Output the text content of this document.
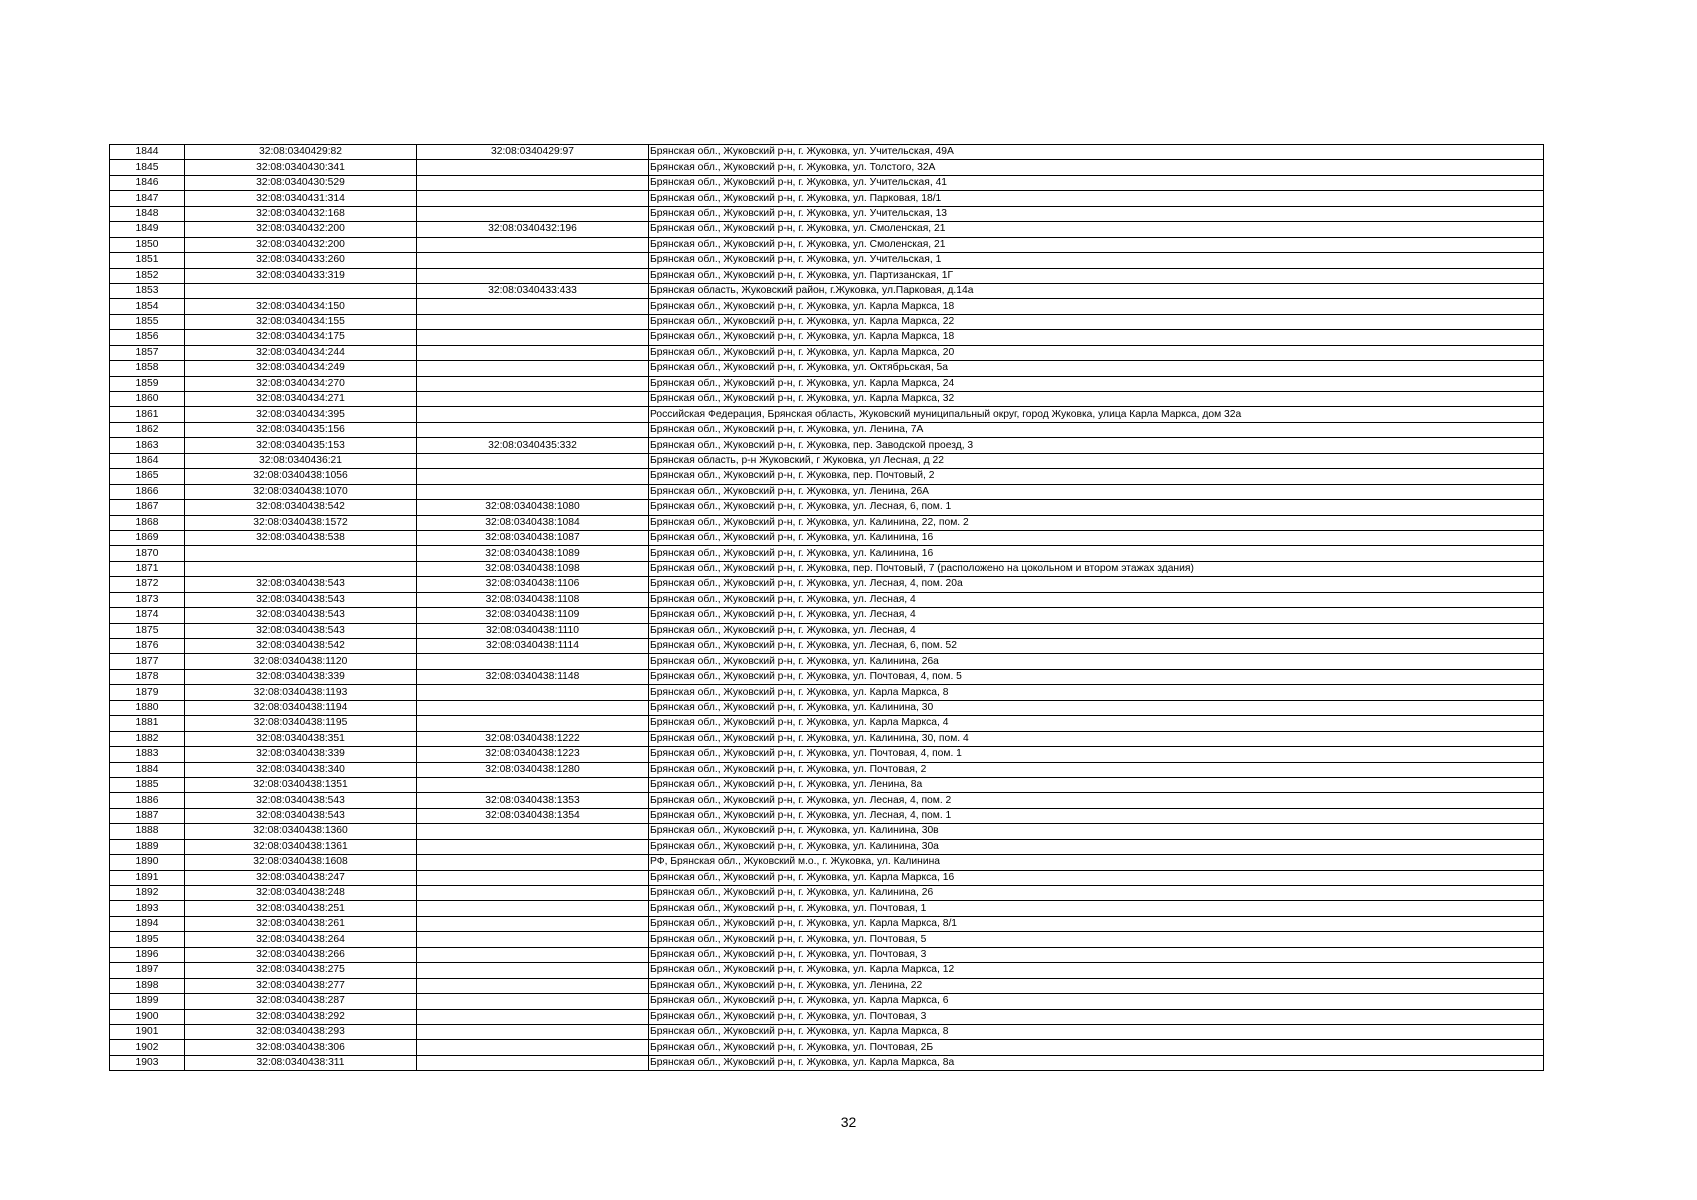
1844	32:08:0340429:82	32:08:0340429:97	Брянская обл., Жуковский р-н, г. Жуковка, ул. Учительская, 49А
1845	32:08:0340430:341		Брянская обл., Жуковский р-н, г. Жуковка, ул. Толстого, 32А
1846	32:08:0340430:529		Брянская обл., Жуковский р-н, г. Жуковка, ул. Учительская, 41
1847	32:08:0340431:314		Брянская обл., Жуковский р-н, г. Жуковка, ул. Парковая, 18/1
1848	32:08:0340432:168		Брянская обл., Жуковский р-н, г. Жуковка, ул. Учительская, 13
1849	32:08:0340432:200	32:08:0340432:196	Брянская обл., Жуковский р-н, г. Жуковка, ул. Смоленская, 21
1850	32:08:0340432:200		Брянская обл., Жуковский р-н, г. Жуковка, ул. Смоленская, 21
1851	32:08:0340433:260		Брянская обл., Жуковский р-н, г. Жуковка, ул. Учительская, 1
1852	32:08:0340433:319		Брянская обл., Жуковский р-н, г. Жуковка, ул. Партизанская, 1Г
1853		32:08:0340433:433	Брянская область, Жуковский район, г.Жуковка, ул.Парковая, д.14а
1854	32:08:0340434:150		Брянская обл., Жуковский р-н, г. Жуковка, ул. Карла Маркса, 18
1855	32:08:0340434:155		Брянская обл., Жуковский р-н, г. Жуковка, ул. Карла Маркса, 22
1856	32:08:0340434:175		Брянская обл., Жуковский р-н, г. Жуковка, ул. Карла Маркса, 18
1857	32:08:0340434:244		Брянская обл., Жуковский р-н, г. Жуковка, ул. Карла Маркса, 20
1858	32:08:0340434:249		Брянская обл., Жуковский р-н, г. Жуковка, ул. Октябрьская, 5а
1859	32:08:0340434:270		Брянская обл., Жуковский р-н, г. Жуковка, ул. Карла Маркса, 24
1860	32:08:0340434:271		Брянская обл., Жуковский р-н, г. Жуковка, ул. Карла Маркса, 32
1861	32:08:0340434:395		Российская Федерация, Брянская область, Жуковский муниципальный округ, город Жуковка, улица Карла Маркса, дом 32а
1862	32:08:0340435:156		Брянская обл., Жуковский р-н, г. Жуковка, ул. Ленина, 7А
1863	32:08:0340435:153	32:08:0340435:332	Брянская обл., Жуковский р-н, г. Жуковка, пер. Заводской проезд, 3
1864	32:08:0340436:21		Брянская область, р-н Жуковский, г Жуковка, ул Лесная, д 22
1865	32:08:0340438:1056		Брянская обл., Жуковский р-н, г. Жуковка, пер. Почтовый, 2
1866	32:08:0340438:1070		Брянская обл., Жуковский р-н, г. Жуковка, ул. Ленина, 26А
1867	32:08:0340438:542	32:08:0340438:1080	Брянская обл., Жуковский р-н, г. Жуковка, ул. Лесная, 6, пом. 1
1868	32:08:0340438:1572	32:08:0340438:1084	Брянская обл., Жуковский р-н, г. Жуковка, ул. Калинина, 22, пом. 2
1869	32:08:0340438:538	32:08:0340438:1087	Брянская обл., Жуковский р-н, г. Жуковка, ул. Калинина, 16
1870		32:08:0340438:1089	Брянская обл., Жуковский р-н, г. Жуковка, ул. Калинина, 16
1871		32:08:0340438:1098	Брянская обл., Жуковский р-н, г. Жуковка, пер. Почтовый, 7 (расположено на цокольном и втором этажах здания)
1872	32:08:0340438:543	32:08:0340438:1106	Брянская обл., Жуковский р-н, г. Жуковка, ул. Лесная, 4, пом. 20а
1873	32:08:0340438:543	32:08:0340438:1108	Брянская обл., Жуковский р-н, г. Жуковка, ул. Лесная, 4
1874	32:08:0340438:543	32:08:0340438:1109	Брянская обл., Жуковский р-н, г. Жуковка, ул. Лесная, 4
1875	32:08:0340438:543	32:08:0340438:1110	Брянская обл., Жуковский р-н, г. Жуковка, ул. Лесная, 4
1876	32:08:0340438:542	32:08:0340438:1114	Брянская обл., Жуковский р-н, г. Жуковка, ул. Лесная, 6, пом. 52
1877	32:08:0340438:1120		Брянская обл., Жуковский р-н, г. Жуковка, ул. Калинина, 26а
1878	32:08:0340438:339	32:08:0340438:1148	Брянская обл., Жуковский р-н, г. Жуковка, ул. Почтовая, 4, пом. 5
1879	32:08:0340438:1193		Брянская обл., Жуковский р-н, г. Жуковка, ул. Карла Маркса, 8
1880	32:08:0340438:1194		Брянская обл., Жуковский р-н, г. Жуковка, ул. Калинина, 30
1881	32:08:0340438:1195		Брянская обл., Жуковский р-н, г. Жуковка, ул. Карла Маркса, 4
1882	32:08:0340438:351	32:08:0340438:1222	Брянская обл., Жуковский р-н, г. Жуковка, ул. Калинина, 30, пом. 4
1883	32:08:0340438:339	32:08:0340438:1223	Брянская обл., Жуковский р-н, г. Жуковка, ул. Почтовая, 4, пом. 1
1884	32:08:0340438:340	32:08:0340438:1280	Брянская обл., Жуковский р-н, г. Жуковка, ул. Почтовая, 2
1885	32:08:0340438:1351		Брянская обл., Жуковский р-н, г. Жуковка, ул. Ленина, 8а
1886	32:08:0340438:543	32:08:0340438:1353	Брянская обл., Жуковский р-н, г. Жуковка, ул. Лесная, 4, пом. 2
1887	32:08:0340438:543	32:08:0340438:1354	Брянская обл., Жуковский р-н, г. Жуковка, ул. Лесная, 4, пом. 1
1888	32:08:0340438:1360		Брянская обл., Жуковский р-н, г. Жуковка, ул. Калинина, 30в
1889	32:08:0340438:1361		Брянская обл., Жуковский р-н, г. Жуковка, ул. Калинина, 30а
1890	32:08:0340438:1608		РФ, Брянская обл., Жуковский м.о., г. Жуковка, ул. Калинина
1891	32:08:0340438:247		Брянская обл., Жуковский р-н, г. Жуковка, ул. Карла Маркса, 16
1892	32:08:0340438:248		Брянская обл., Жуковский р-н, г. Жуковка, ул. Калинина, 26
1893	32:08:0340438:251		Брянская обл., Жуковский р-н, г. Жуковка, ул. Почтовая, 1
1894	32:08:0340438:261		Брянская обл., Жуковский р-н, г. Жуковка, ул. Карла Маркса, 8/1
1895	32:08:0340438:264		Брянская обл., Жуковский р-н, г. Жуковка, ул. Почтовая, 5
1896	32:08:0340438:266		Брянская обл., Жуковский р-н, г. Жуковка, ул. Почтовая, 3
1897	32:08:0340438:275		Брянская обл., Жуковский р-н, г. Жуковка, ул. Карла Маркса, 12
1898	32:08:0340438:277		Брянская обл., Жуковский р-н, г. Жуковка, ул. Ленина, 22
1899	32:08:0340438:287		Брянская обл., Жуковский р-н, г. Жуковка, ул. Карла Маркса, 6
1900	32:08:0340438:292		Брянская обл., Жуковский р-н, г. Жуковка, ул. Почтовая, 3
1901	32:08:0340438:293		Брянская обл., Жуковский р-н, г. Жуковка, ул. Карла Маркса, 8
1902	32:08:0340438:306		Брянская обл., Жуковский р-н, г. Жуковка, ул. Почтовая, 2Б
1903	32:08:0340438:311		Брянская обл., Жуковский р-н, г. Жуковка, ул. Карла Маркса, 8а
32
